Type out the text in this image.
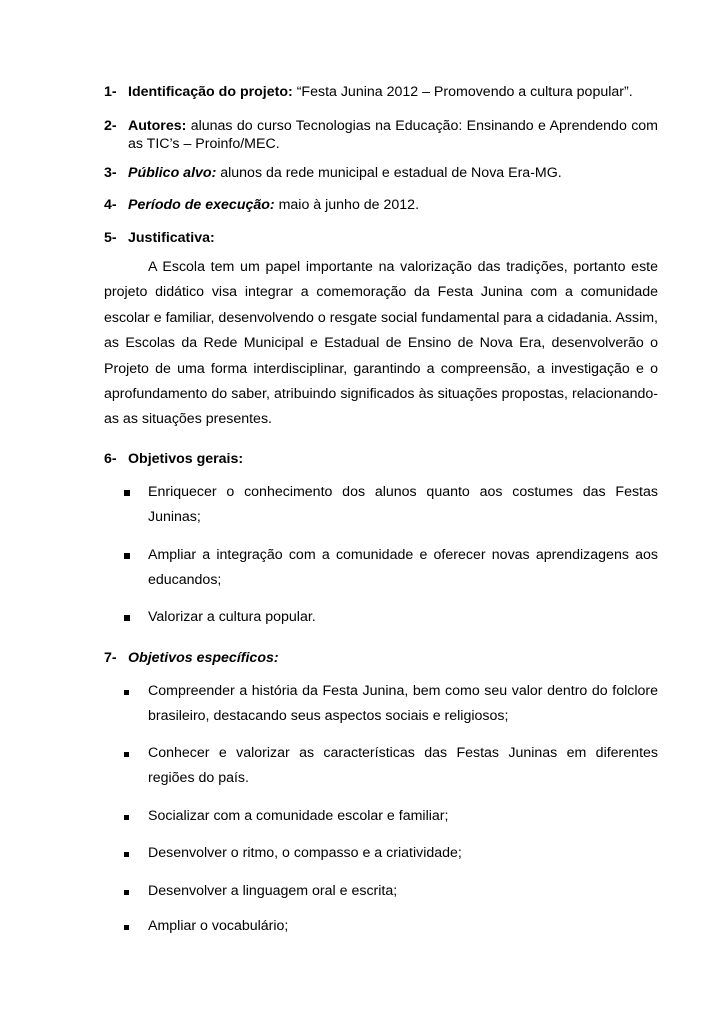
1- Identificação do projeto: “Festa Junina 2012 – Promovendo a cultura popular”.
2- Autores: alunas do curso Tecnologias na Educação: Ensinando e Aprendendo com as TIC’s – Proinfo/MEC.
3- Público alvo: alunos da rede municipal e estadual de Nova Era-MG.
4- Período de execução: maio à junho de 2012.
5- Justificativa:
A Escola tem um papel importante na valorização das tradições, portanto este projeto didático visa integrar a comemoração da Festa Junina com a comunidade escolar e familiar, desenvolvendo o resgate social fundamental para a cidadania. Assim, as Escolas da Rede Municipal e Estadual de Ensino de Nova Era, desenvolverão o Projeto de uma forma interdisciplinar, garantindo a compreensão, a investigação e o aprofundamento do saber, atribuindo significados às situações propostas, relacionando-as as situações presentes.
6- Objetivos gerais:
Enriquecer o conhecimento dos alunos quanto aos costumes das Festas Juninas;
Ampliar a integração com a comunidade e oferecer novas aprendizagens aos educandos;
Valorizar a cultura popular.
7- Objetivos específicos:
Compreender a história da Festa Junina, bem como seu valor dentro do folclore brasileiro, destacando seus aspectos sociais e religiosos;
Conhecer e valorizar as características das Festas Juninas em diferentes regiões do país.
Socializar com a comunidade escolar e familiar;
Desenvolver o ritmo, o compasso e a criatividade;
Desenvolver a linguagem oral e escrita;
Ampliar o vocabulário;
